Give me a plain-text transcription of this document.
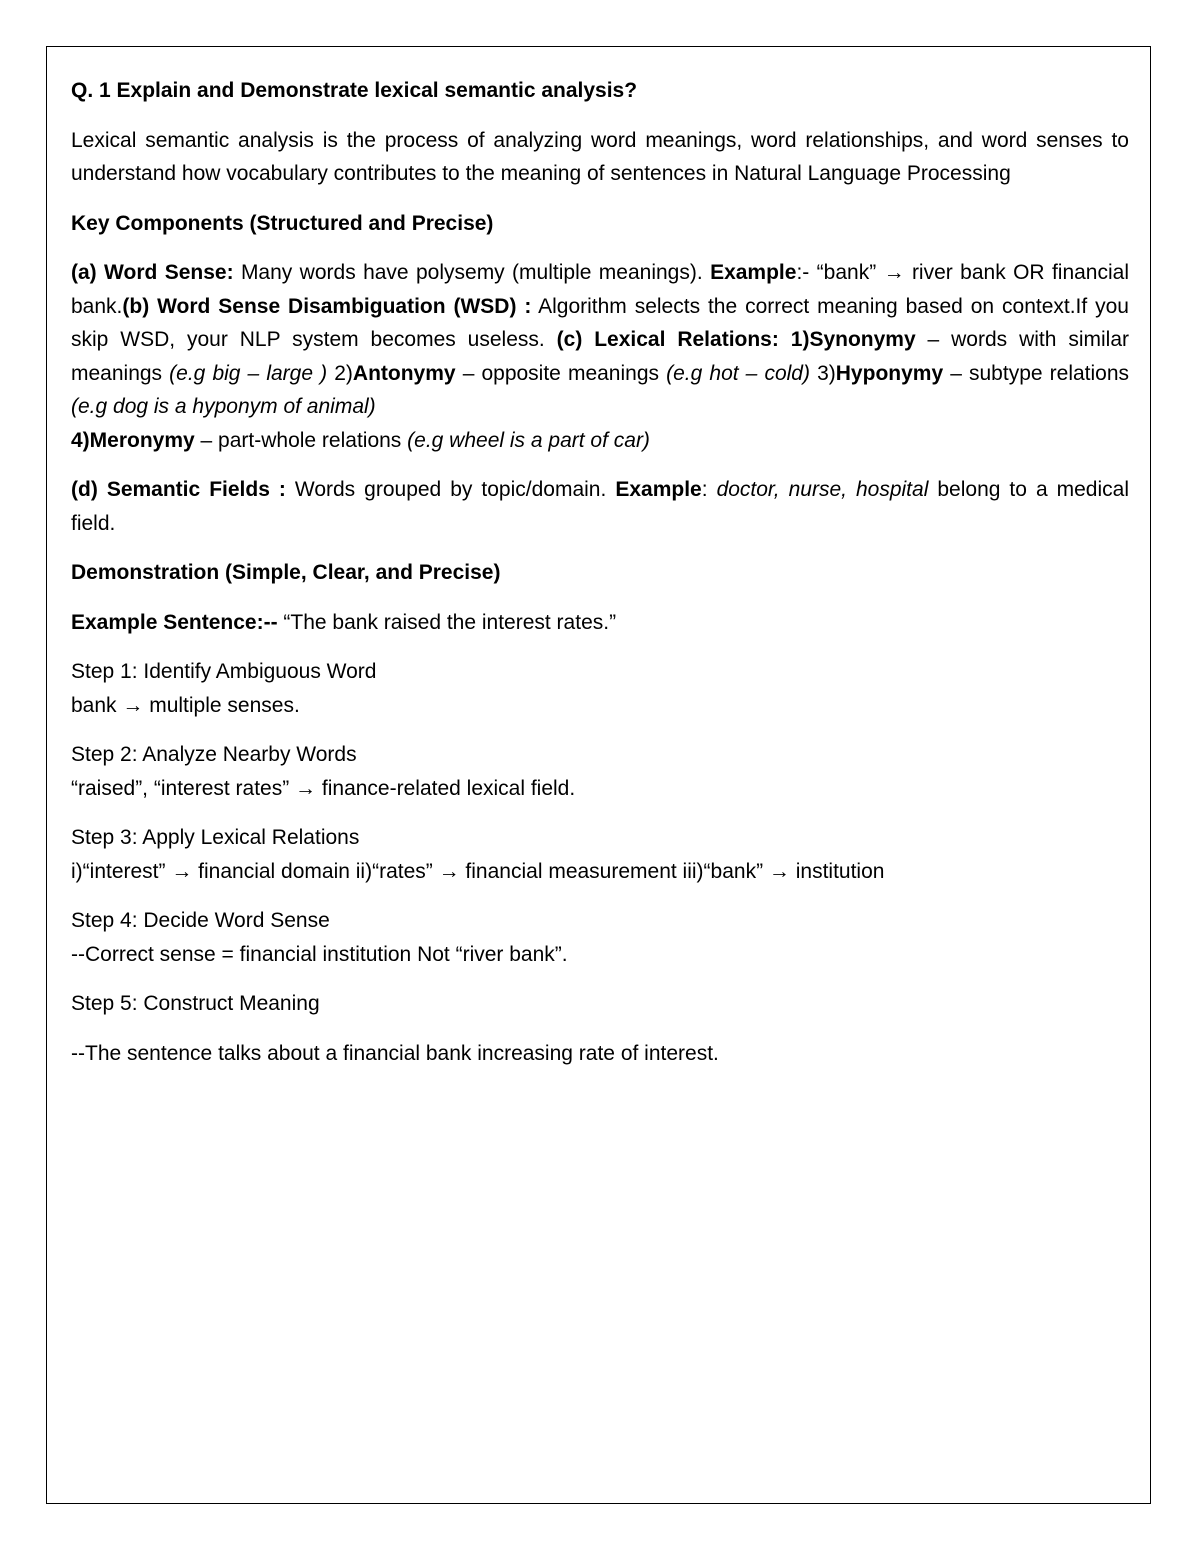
Q. 1 Explain and Demonstrate lexical semantic analysis?

Lexical semantic analysis is the process of analyzing word meanings, word relationships, and word senses to understand how vocabulary contributes to the meaning of sentences in Natural Language Processing

Key Components (Structured and Precise)

(a) Word Sense: Many words have polysemy (multiple meanings). Example:- “bank” → river bank OR financial bank.(b) Word Sense Disambiguation (WSD) : Algorithm selects the correct meaning based on context.If you skip WSD, your NLP system becomes useless. (c) Lexical Relations: 1)Synonymy – words with similar meanings (e.g big – large ) 2)Antonymy – opposite meanings (e.g hot – cold) 3)Hyponymy – subtype relations (e.g dog is a hyponym of animal)
4)Meronymy – part-whole relations (e.g wheel is a part of car)

(d) Semantic Fields : Words grouped by topic/domain. Example: doctor, nurse, hospital belong to a medical field.

Demonstration (Simple, Clear, and Precise)

Example Sentence:-- “The bank raised the interest rates.”

Step 1: Identify Ambiguous Word
bank → multiple senses.

Step 2: Analyze Nearby Words
“raised”, “interest rates” → finance-related lexical field.

Step 3: Apply Lexical Relations
i)“interest” → financial domain ii)“rates” → financial measurement iii)“bank” → institution

Step 4: Decide Word Sense
--Correct sense = financial institution Not “river bank”.

Step 5: Construct Meaning

--The sentence talks about a financial bank increasing rate of interest.
